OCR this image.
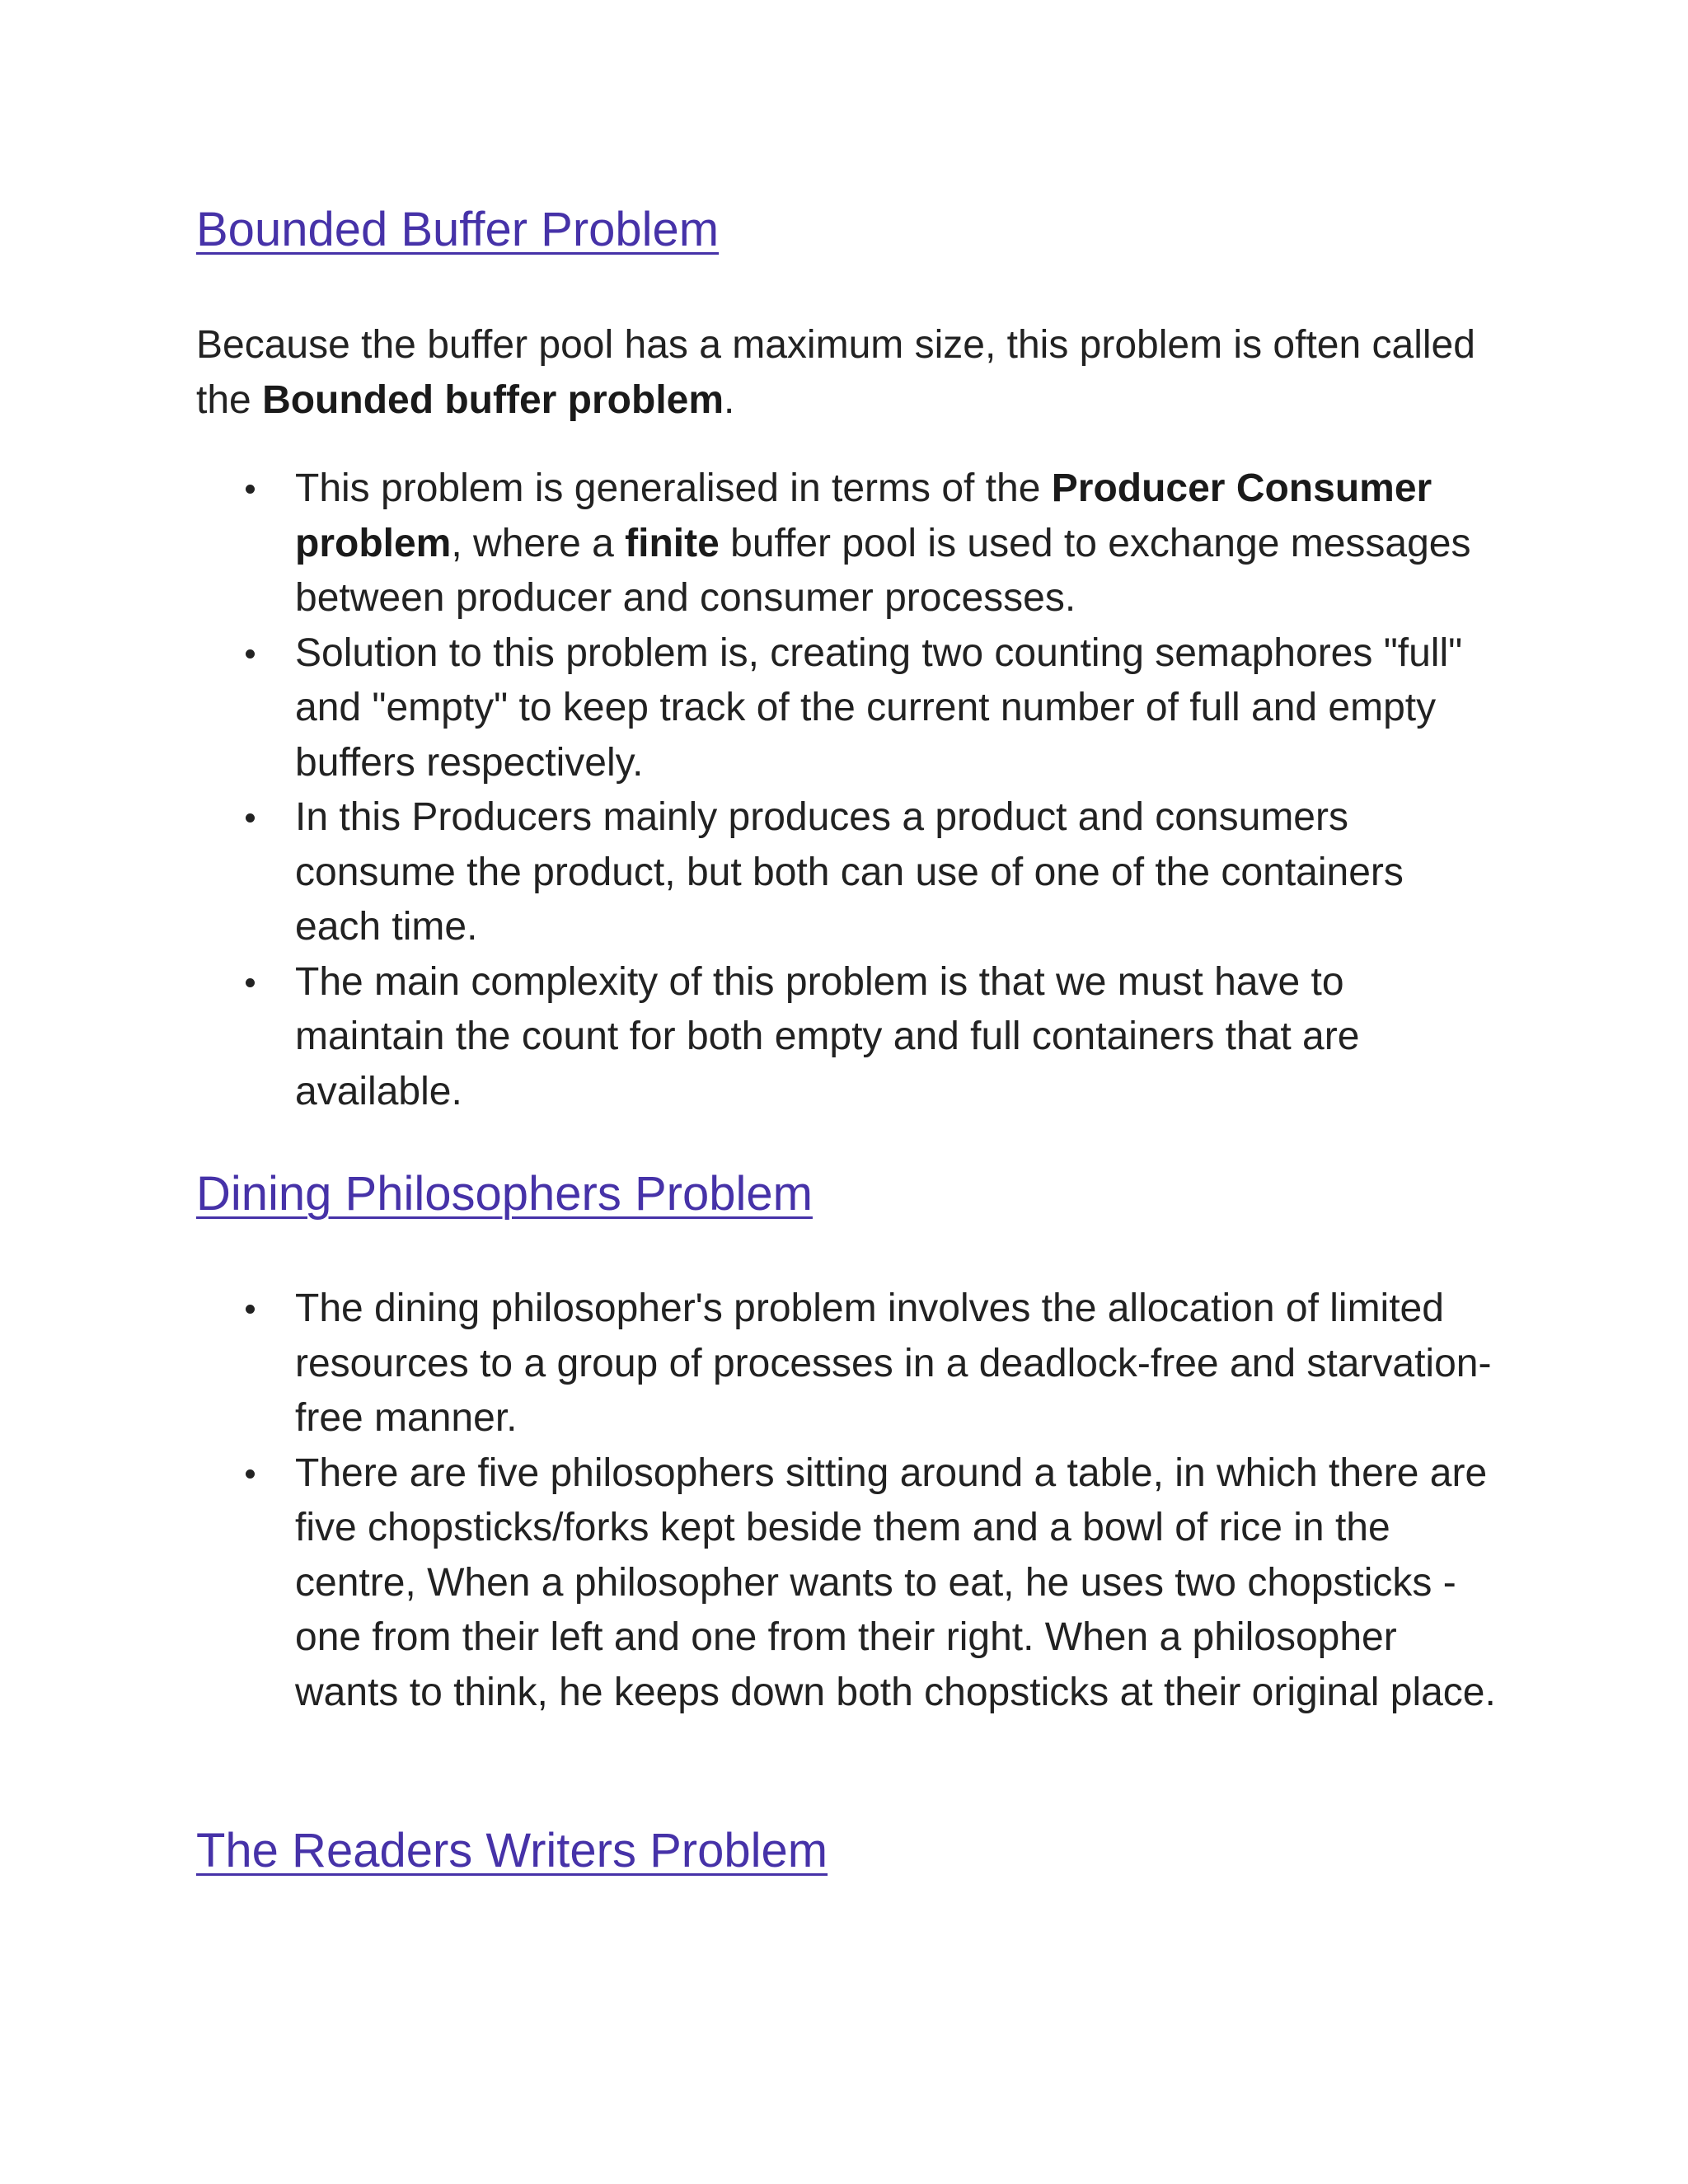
Bounded Buffer Problem

Because the buffer pool has a maximum size, this problem is often called the Bounded buffer problem.

This problem is generalised in terms of the Producer Consumer problem, where a finite buffer pool is used to exchange messages between producer and consumer processes.
Solution to this problem is, creating two counting semaphores "full" and "empty" to keep track of the current number of full and empty buffers respectively.
In this Producers mainly produces a product and consumers consume the product, but both can use of one of the containers each time.
The main complexity of this problem is that we must have to maintain the count for both empty and full containers that are available.
Dining Philosophers Problem
The dining philosopher's problem involves the allocation of limited resources to a group of processes in a deadlock-free and starvation-free manner.
There are five philosophers sitting around a table, in which there are five chopsticks/forks kept beside them and a bowl of rice in the centre, When a philosopher wants to eat, he uses two chopsticks - one from their left and one from their right. When a philosopher wants to think, he keeps down both chopsticks at their original place.
The Readers Writers Problem
